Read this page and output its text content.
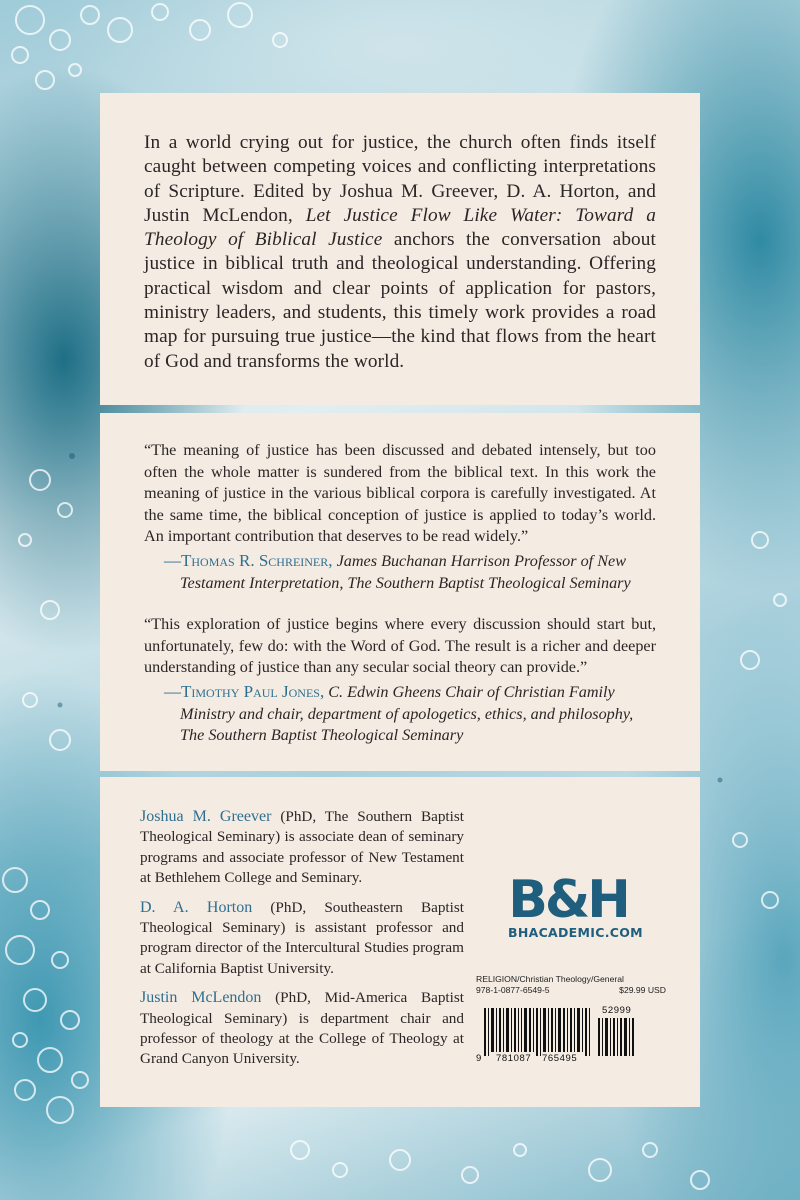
In a world crying out for justice, the church often finds itself caught between competing voices and conflicting interpretations of Scripture. Edited by Joshua M. Greever, D. A. Horton, and Justin McLendon, Let Justice Flow Like Water: Toward a Theology of Biblical Justice anchors the conversation about justice in biblical truth and theological understanding. Offering practical wisdom and clear points of application for pastors, ministry leaders, and students, this timely work provides a road map for pursuing true justice—the kind that flows from the heart of God and transforms the world.

“The meaning of justice has been discussed and debated intensely, but too often the whole matter is sundered from the biblical text. In this work the meaning of justice in the various biblical corpora is carefully investigated. At the same time, the biblical conception of justice is applied to today’s world. An important contribution that deserves to be read widely.”

—Thomas R. Schreiner, James Buchanan Harrison Professor of New Testament Interpretation, The Southern Baptist Theological Seminary

“This exploration of justice begins where every discussion should start but, unfortunately, few do: with the Word of God. The result is a richer and deeper understanding of justice than any secular social theory can provide.”

—Timothy Paul Jones, C. Edwin Gheens Chair of Christian Family Ministry and chair, department of apologetics, ethics, and philosophy, The Southern Baptist Theological Seminary

Joshua M. Greever (PhD, The Southern Baptist Theological Seminary) is associate dean of seminary programs and associate professor of New Testament at Bethlehem College and Seminary.

D. A. Horton (PhD, Southeastern Baptist Theological Seminary) is assistant professor and program director of the Intercultural Studies program at California Baptist University.

Justin McLendon (PhD, Mid-America Baptist Theological Seminary) is department chair and professor of theology at the College of Theology at Grand Canyon University.

B&H
BHACADEMIC.COM
RELIGION/Christian Theology/General
978-1-0877-6549-5	$29.99 USD
52999
9 781087 765495
